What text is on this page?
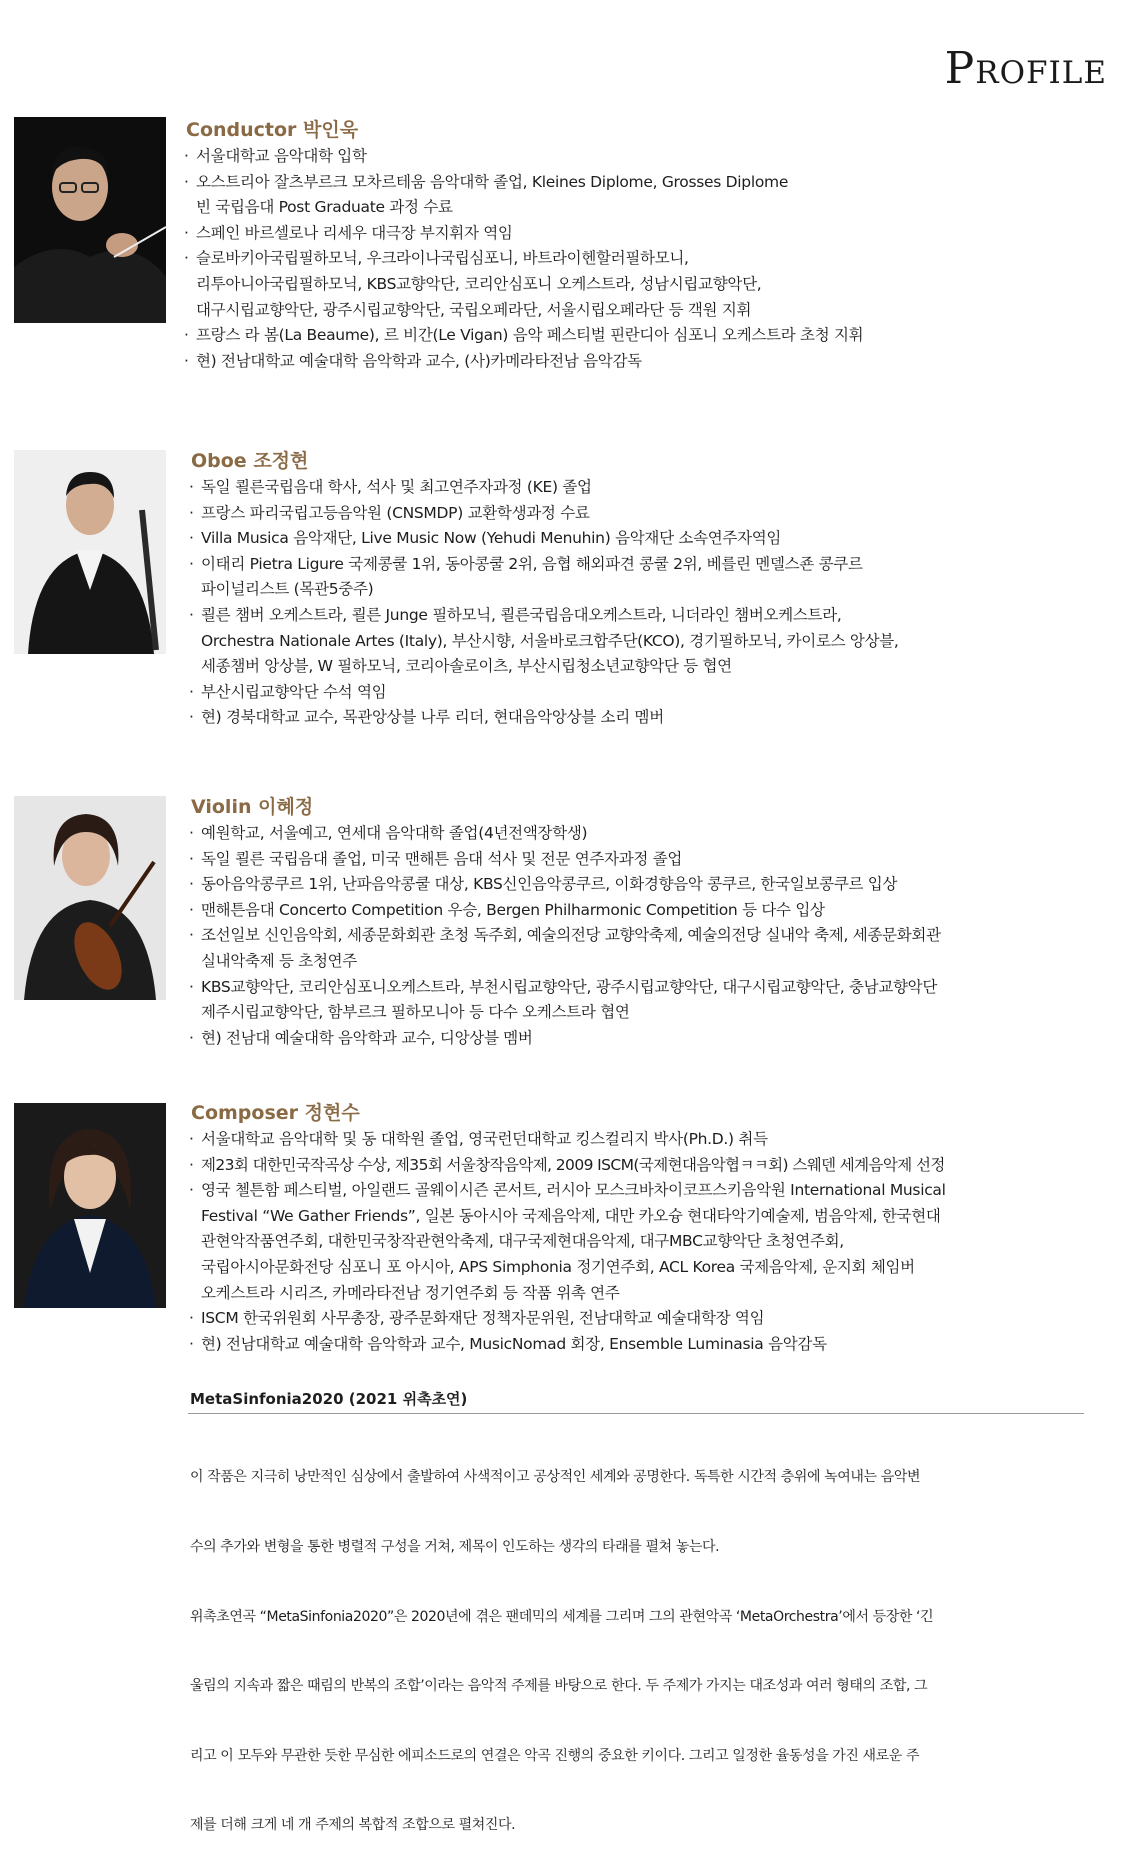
Profile
Conductor 박인욱
· 서울대학교 음악대학 입학
· 오스트리아 잘츠부르크 모차르테움 음악대학 졸업, Kleines Diplome, Grosses Diplome
빈 국립음대 Post Graduate 과정 수료
· 스페인 바르셀로나 리세우 대극장 부지휘자 역임
· 슬로바키아국립필하모닉, 우크라이나국립심포니, 바트라이헨할러필하모니,
리투아니아국립필하모닉, KBS교향악단, 코리안심포니 오케스트라, 성남시립교향악단,
대구시립교향악단, 광주시립교향악단, 국립오페라단, 서울시립오페라단 등 객원 지휘
· 프랑스 라 봄(La Beaume), 르 비간(Le Vigan) 음악 페스티벌 핀란디아 심포니 오케스트라 초청 지휘
· 현) 전남대학교 예술대학 음악학과 교수, (사)카메라타전남 음악감독
Oboe 조정현
· 독일 쾰른국립음대 학사, 석사 및 최고연주자과정 (KE) 졸업
· 프랑스 파리국립고등음악원 (CNSMDP) 교환학생과정 수료
· Villa Musica 음악재단, Live Music Now (Yehudi Menuhin) 음악재단 소속연주자역임
· 이태리 Pietra Ligure 국제콩쿨 1위, 동아콩쿨 2위, 음협 해외파견 콩쿨 2위, 베를린 멘델스죤 콩쿠르
파이널리스트 (목관5중주)
· 쾰른 챔버 오케스트라, 쾰른 Junge 필하모닉, 쾰른국립음대오케스트라, 니더라인 챔버오케스트라,
Orchestra Nationale Artes (Italy), 부산시향, 서울바로크합주단(KCO), 경기필하모닉, 카이로스 앙상블,
세종챔버 앙상블, W 필하모닉, 코리아솔로이츠, 부산시립청소년교향악단 등 협연
· 부산시립교향악단 수석 역임
· 현) 경북대학교 교수, 목관앙상블 나루 리더, 현대음악앙상블 소리 멤버
Violin 이혜정
· 예원학교, 서울예고, 연세대 음악대학 졸업(4년전액장학생)
· 독일 쾰른 국립음대 졸업, 미국 맨해튼 음대 석사 및 전문 연주자과정 졸업
· 동아음악콩쿠르 1위, 난파음악콩쿨 대상, KBS신인음악콩쿠르, 이화경향음악 콩쿠르, 한국일보콩쿠르 입상
· 맨해튼음대 Concerto Competition 우승, Bergen Philharmonic Competition 등 다수 입상
· 조선일보 신인음악회, 세종문화회관 초청 독주회, 예술의전당 교향악축제, 예술의전당 실내악 축제, 세종문화회관
실내악축제 등 초청연주
· KBS교향악단, 코리안심포니오케스트라, 부천시립교향악단, 광주시립교향악단, 대구시립교향악단, 충남교향악단
제주시립교향악단, 함부르크 필하모니아 등 다수 오케스트라 협연
· 현) 전남대 예술대학 음악학과 교수, 디앙상블 멤버
Composer 정현수
· 서울대학교 음악대학 및 동 대학원 졸업, 영국런던대학교 킹스컬리지 박사(Ph.D.) 취득
· 제23회 대한민국작곡상 수상, 제35회 서울창작음악제, 2009 ISCM(국제현대음악협ㅋㅋ회) 스웨덴 세계음악제 선정
· 영국 첼튼함 페스티벌, 아일랜드 골웨이시즌 콘서트, 러시아 모스크바차이코프스키음악원 International Musical
Festival “We Gather Friends”, 일본 동아시아 국제음악제, 대만 카오슝 현대타악기예술제, 범음악제, 한국현대
관현악작품연주회, 대한민국창작관현악축제, 대구국제현대음악제, 대구MBC교향악단 초청연주회,
국립아시아문화전당 심포니 포 아시아, APS Simphonia 정기연주회, ACL Korea 국제음악제, 운지회 체임버
오케스트라 시리즈, 카메라타전남 정기연주회 등 작품 위촉 연주
· ISCM 한국위원회 사무총장, 광주문화재단 정책자문위원, 전남대학교 예술대학장 역임
· 현) 전남대학교 예술대학 음악학과 교수, MusicNomad 회장, Ensemble Luminasia 음악감독
MetaSinfonia2020 (2021 위촉초연)

이 작품은 지극히 낭만적인 심상에서 출발하여 사색적이고 공상적인 세계와 공명한다. 독특한 시간적 층위에 녹여내는 음악변

수의 추가와 변형을 통한 병렬적 구성을 거쳐, 제목이 인도하는 생각의 타래를 펼쳐 놓는다.

위촉초연곡 “MetaSinfonia2020”은 2020년에 겪은 팬데믹의 세계를 그리며 그의 관현악곡 ‘MetaOrchestra’에서 등장한 ‘긴

울림의 지속과 짧은 때림의 반복의 조합’이라는 음악적 주제를 바탕으로 한다. 두 주제가 가지는 대조성과 여러 형태의 조합, 그

리고 이 모두와 무관한 듯한 무심한 에피소드로의 연결은 악곡 진행의 중요한 키이다. 그리고 일정한 율동성을 가진 새로운 주

제를 더해 크게 네 개 주제의 복합적 조합으로 펼쳐진다.
